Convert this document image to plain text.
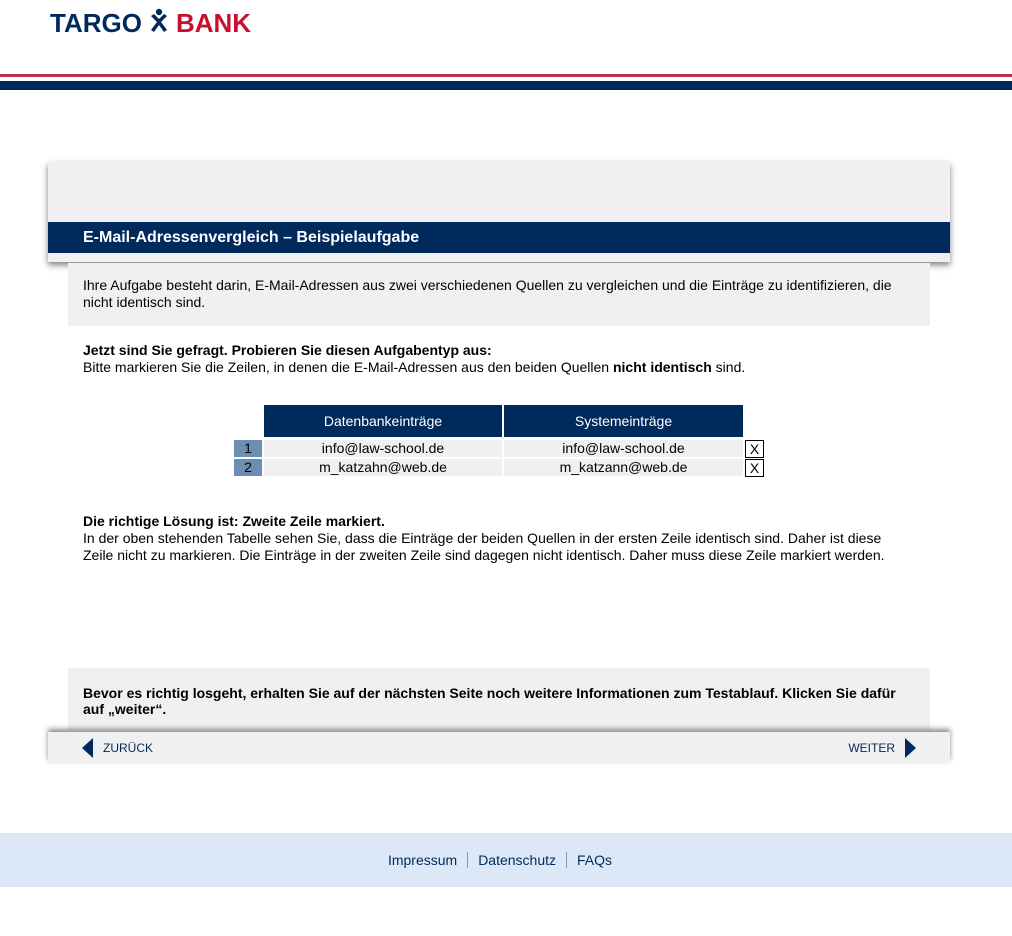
TARGO BANK
E-Mail-Adressenvergleich – Beispielaufgabe

Ihre Aufgabe besteht darin, E-Mail-Adressen aus zwei verschiedenen Quellen zu vergleichen und die Einträge zu identifizieren, die nicht identisch sind.

Jetzt sind Sie gefragt. Probieren Sie diesen Aufgabentyp aus:
Bitte markieren Sie die Zeilen, in denen die E-Mail-Adressen aus den beiden Quellen nicht identisch sind.
Datenbankeinträge	Systemeinträge
1	info@law-school.de	info@law-school.de	X
2	m_katzahn@web.de	m_katzann@web.de	X
Die richtige Lösung ist: Zweite Zeile markiert.
In der oben stehenden Tabelle sehen Sie, dass die Einträge der beiden Quellen in der ersten Zeile identisch sind. Daher ist diese Zeile nicht zu markieren. Die Einträge in der zweiten Zeile sind dagegen nicht identisch. Daher muss diese Zeile markiert werden.

Bevor es richtig losgeht, erhalten Sie auf der nächsten Seite noch weitere Informationen zum Testablauf. Klicken Sie dafür auf „weiter“.

ZURÜCK	WEITER
Impressum	Datenschutz	FAQs
